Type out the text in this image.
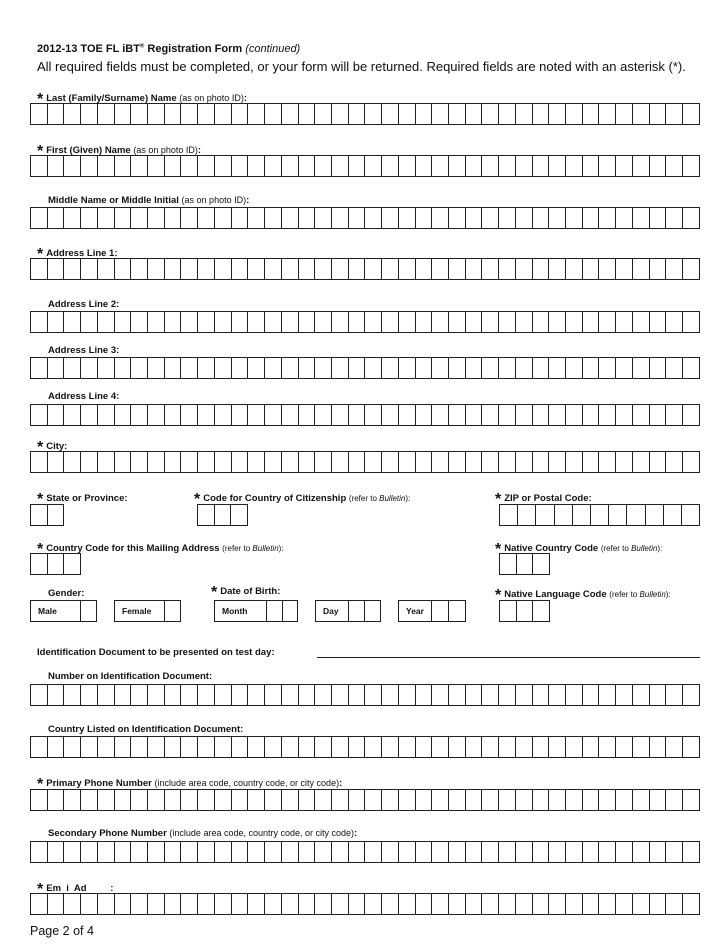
2012-13 TOE FL iBT® Registration Form (continued)
All required fields must be completed, or your form will be returned. Required fields are noted with an asterisk (*).
* Last (Family/Surname) Name (as on photo ID):
* First (Given) Name (as on photo ID):
Middle Name or Middle Initial (as on photo ID):
* Address Line 1:
Address Line 2:
Address Line 3:
Address Line 4:
* City:
* State or Province:	* Code for Country of Citizenship (refer to Bulletin):	* ZIP or Postal Code:
* Country Code for this Mailing Address (refer to Bulletin):	* Native Country Code (refer to Bulletin):
Gender:
Male	Female
* Date of Birth:
Month	Day	Year
* Native Language Code (refer to Bulletin):
Identification Document to be presented on test day:
Number on Identification Document:
Country Listed on Identification Document:
* Primary Phone Number (include area code, country code, or city code):
Secondary Phone Number (include area code, country code, or city code):
* Em  i  Ad         :
Page 2 of 4
